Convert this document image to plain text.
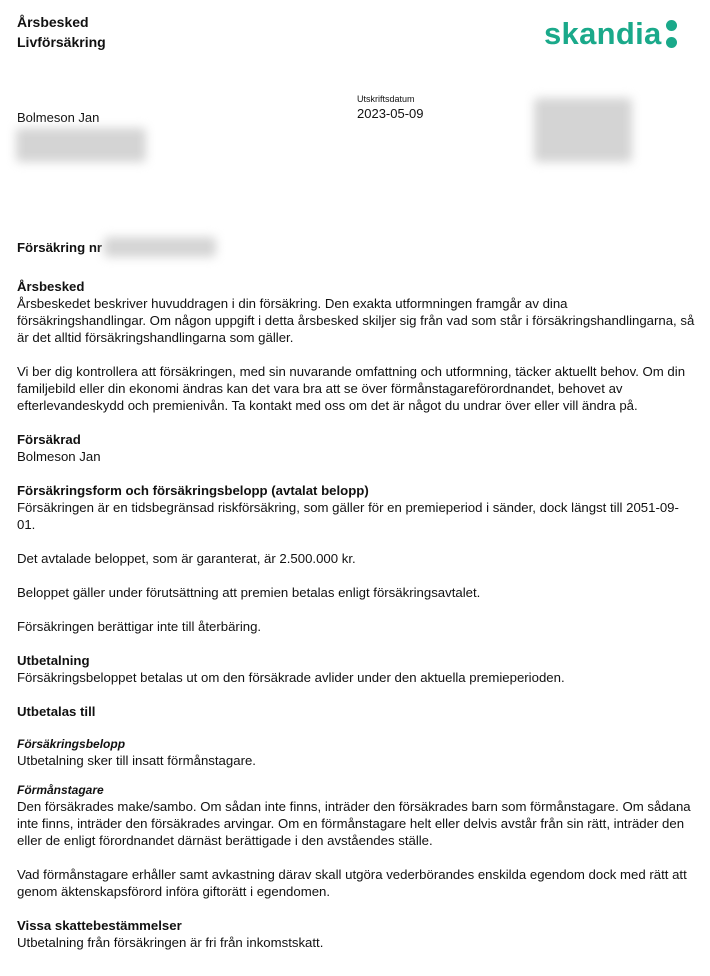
Årsbesked
Livförsäkring	skandia
Utskriftsdatum
2023-05-09
Bolmeson Jan
Försäkring nr
Årsbesked

Årsbeskedet beskriver huvuddragen i din försäkring. Den exakta utformningen framgår av dina försäkringshandlingar. Om någon uppgift i detta årsbesked skiljer sig från vad som står i försäkringshandlingarna, så är det alltid försäkringshandlingarna som gäller.

Vi ber dig kontrollera att försäkringen, med sin nuvarande omfattning och utformning, täcker aktuellt behov. Om din familjebild eller din ekonomi ändras kan det vara bra att se över förmånstagareförordnandet, behovet av efterlevandeskydd och premienivån. Ta kontakt med oss om det är något du undrar över eller vill ändra på.

Försäkrad

Bolmeson Jan

Försäkringsform och försäkringsbelopp (avtalat belopp)

Försäkringen är en tidsbegränsad riskförsäkring, som gäller för en premieperiod i sänder, dock längst till 2051-09-01.

Det avtalade beloppet, som är garanterat, är 2.500.000 kr.

Beloppet gäller under förutsättning att premien betalas enligt försäkringsavtalet.

Försäkringen berättigar inte till återbäring.

Utbetalning

Försäkringsbeloppet betalas ut om den försäkrade avlider under den aktuella premieperioden.

Utbetalas till
Försäkringsbelopp

Utbetalning sker till insatt förmånstagare.

Förmånstagare

Den försäkrades make/sambo. Om sådan inte finns, inträder den försäkrades barn som förmånstagare. Om sådana inte finns, inträder den försäkrades arvingar. Om en förmånstagare helt eller delvis avstår från sin rätt, inträder den eller de enligt förordnandet därnäst berättigade i den avståendes ställe.

Vad förmånstagare erhåller samt avkastning därav skall utgöra vederbörandes enskilda egendom dock med rätt att genom äktenskapsförord införa giftorätt i egendomen.

Vissa skattebestämmelser

Utbetalning från försäkringen är fri från inkomstskatt.
